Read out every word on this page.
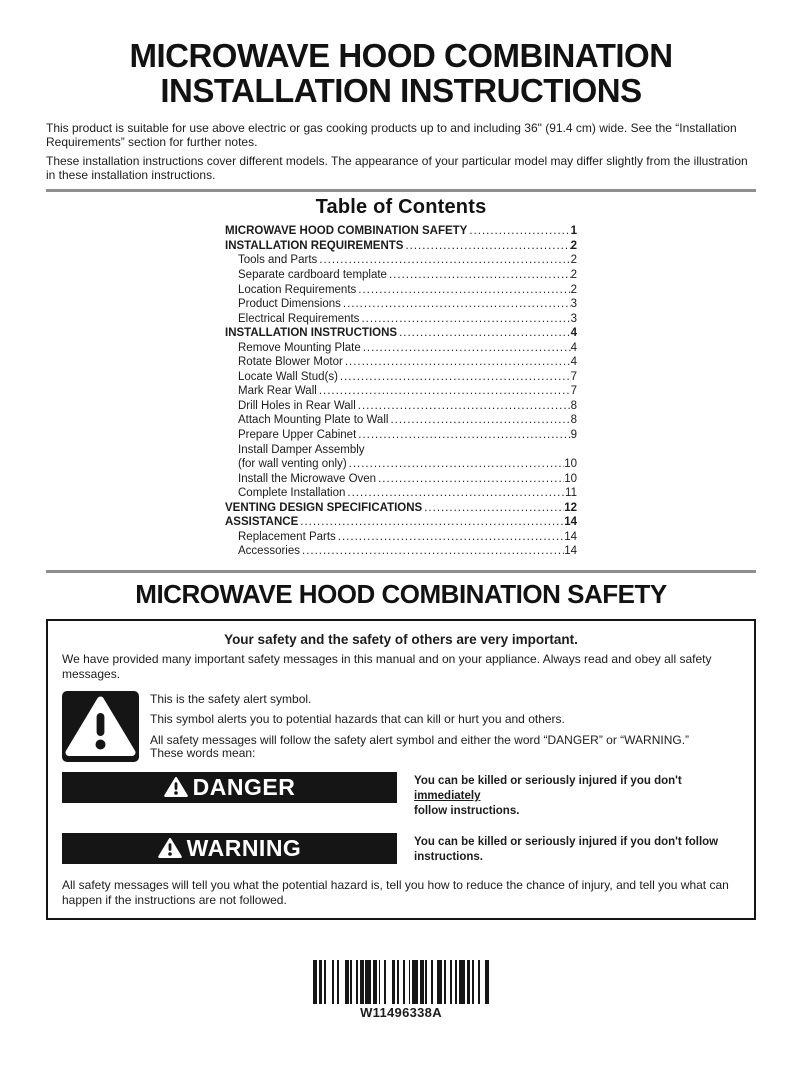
MICROWAVE HOOD COMBINATION
INSTALLATION INSTRUCTIONS

This product is suitable for use above electric or gas cooking products up to and including 36" (91.4 cm) wide. See the “Installation Requirements” section for further notes.

These installation instructions cover different models. The appearance of your particular model may differ slightly from the illustration in these installation instructions.

Table of Contents
MICROWAVE HOOD COMBINATION SAFETY .....	1
INSTALLATION REQUIREMENTS .....	2
Tools and Parts .....	2
Separate cardboard template .....	2
Location Requirements .....	2
Product Dimensions .....	3
Electrical Requirements .....	3
INSTALLATION INSTRUCTIONS .....	4
Remove Mounting Plate .....	4
Rotate Blower Motor .....	4
Locate Wall Stud(s) .....	7
Mark Rear Wall .....	7
Drill Holes in Rear Wall .....	8
Attach Mounting Plate to Wall .....	8
Prepare Upper Cabinet .....	9
Install Damper Assembly
(for wall venting only) .....	10
Install the Microwave Oven .....	10
Complete Installation .....	11
VENTING DESIGN SPECIFICATIONS .....	12
ASSISTANCE .....	14
Replacement Parts .....	14
Accessories .....	14
MICROWAVE HOOD COMBINATION SAFETY
Your safety and the safety of others are very important.

We have provided many important safety messages in this manual and on your appliance. Always read and obey all safety messages.

This is the safety alert symbol.

This symbol alerts you to potential hazards that can kill or hurt you and others.

All safety messages will follow the safety alert symbol and either the word “DANGER” or “WARNING.”

These words mean:

DANGER	You can be killed or seriously injured if you don't immediately
follow instructions.
WARNING	You can be killed or seriously injured if you don't follow
instructions.

All safety messages will tell you what the potential hazard is, tell you how to reduce the chance of injury, and tell you what can happen if the instructions are not followed.

W11496338A
